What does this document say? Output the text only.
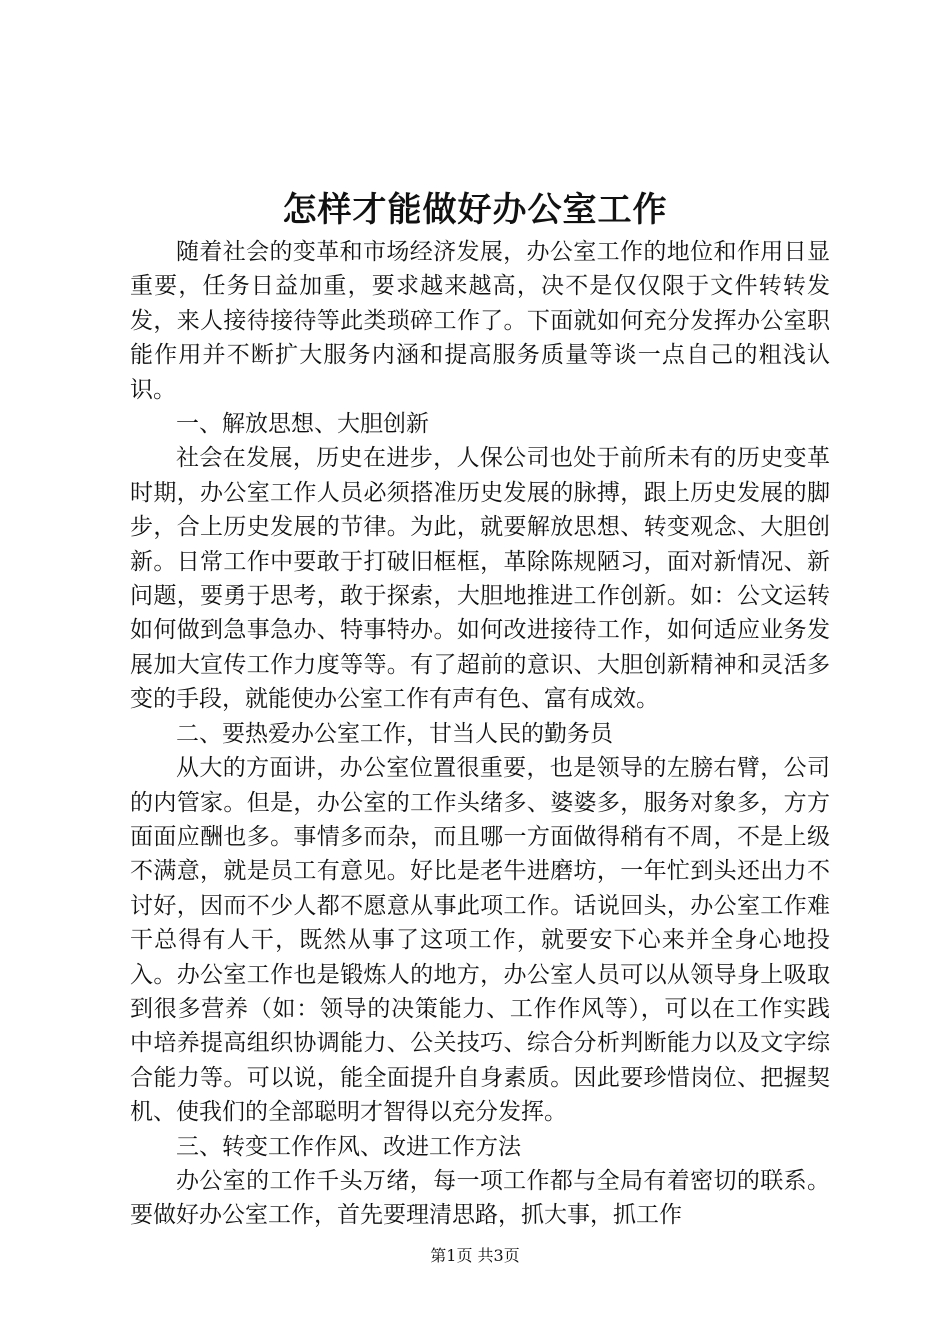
怎样才能做好办公室工作

随着社会的变革和市场经济发展，办公室工作的地位和作用日显重要，任务日益加重，要求越来越高，决不是仅仅限于文件转转发发，来人接待接待等此类琐碎工作了。下面就如何充分发挥办公室职能作用并不断扩大服务内涵和提高服务质量等谈一点自己的粗浅认识。

一、解放思想、大胆创新

社会在发展，历史在进步，人保公司也处于前所未有的历史变革时期，办公室工作人员必须搭准历史发展的脉搏，跟上历史发展的脚步，合上历史发展的节律。为此，就要解放思想、转变观念、大胆创新。日常工作中要敢于打破旧框框，革除陈规陋习，面对新情况、新问题，要勇于思考，敢于探索，大胆地推进工作创新。如：公文运转如何做到急事急办、特事特办。如何改进接待工作，如何适应业务发展加大宣传工作力度等等。有了超前的意识、大胆创新精神和灵活多变的手段，就能使办公室工作有声有色、富有成效。

二、要热爱办公室工作，甘当人民的勤务员

从大的方面讲，办公室位置很重要，也是领导的左膀右臂，公司的内管家。但是，办公室的工作头绪多、婆婆多，服务对象多，方方面面应酬也多。事情多而杂，而且哪一方面做得稍有不周，不是上级不满意，就是员工有意见。好比是老牛进磨坊，一年忙到头还出力不讨好，因而不少人都不愿意从事此项工作。话说回头，办公室工作难干总得有人干，既然从事了这项工作，就要安下心来并全身心地投入。办公室工作也是锻炼人的地方，办公室人员可以从领导身上吸取到很多营养（如：领导的决策能力、工作作风等），可以在工作实践中培养提高组织协调能力、公关技巧、综合分析判断能力以及文字综合能力等。可以说，能全面提升自身素质。因此要珍惜岗位、把握契机、使我们的全部聪明才智得以充分发挥。

三、转变工作作风、改进工作方法

办公室的工作千头万绪，每一项工作都与全局有着密切的联系。要做好办公室工作，首先要理清思路，抓大事，抓工作

第1页 共3页
